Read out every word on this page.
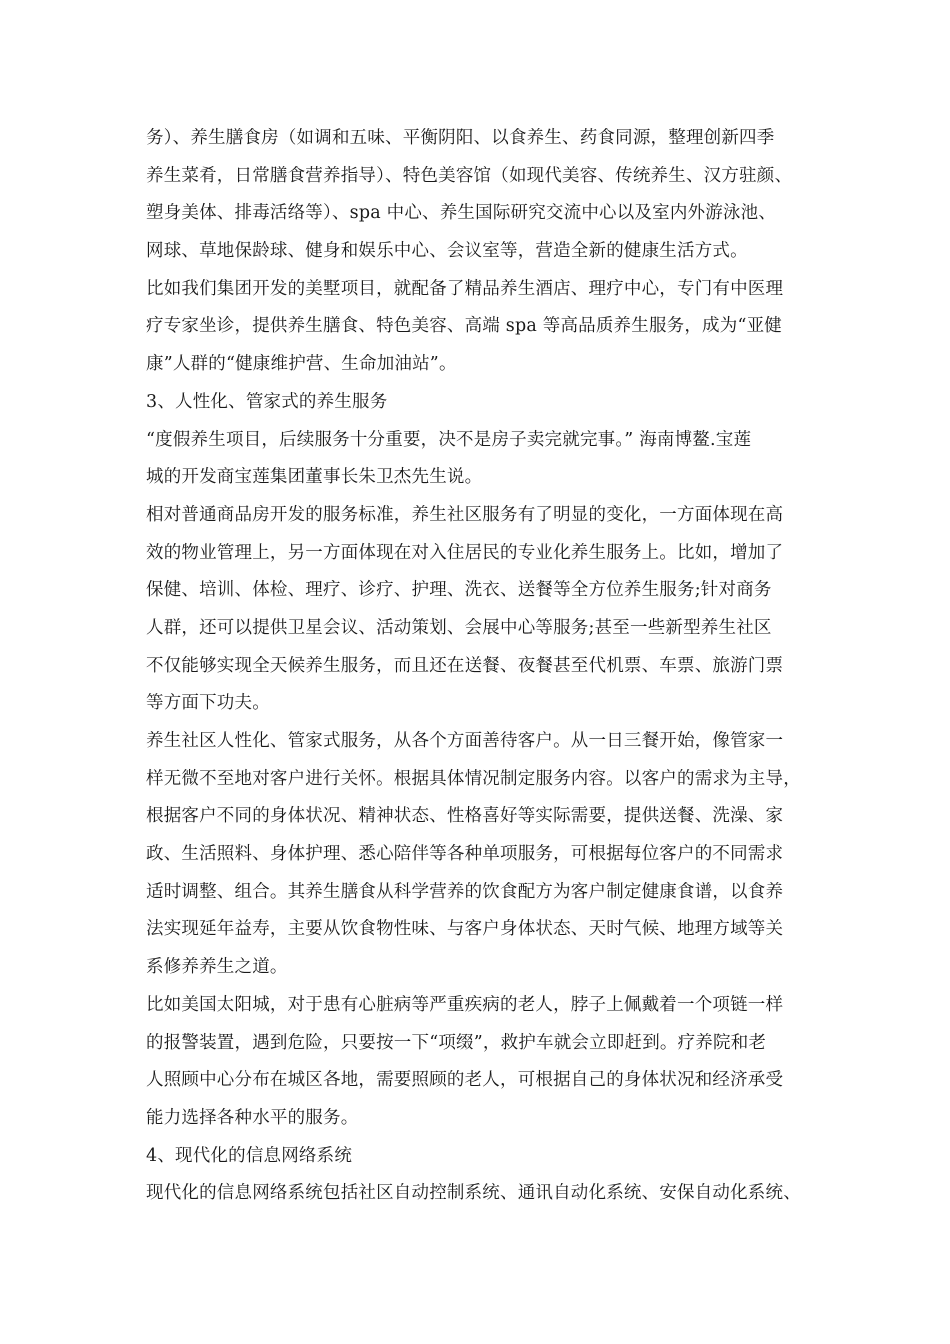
务）、养生膳食房（如调和五味、平衡阴阳、以食养生、药食同源，整理创新四季
养生菜肴，日常膳食营养指导）、特色美容馆（如现代美容、传统养生、汉方驻颜、
塑身美体、排毒活络等）、spa 中心、养生国际研究交流中心以及室内外游泳池、
网球、草地保龄球、健身和娱乐中心、会议室等，营造全新的健康生活方式。
比如我们集团开发的美墅项目，就配备了精品养生酒店、理疗中心，专门有中医理
疗专家坐诊，提供养生膳食、特色美容、高端 spa 等高品质养生服务，成为“亚健
康”人群的“健康维护营、生命加油站”。
3、人性化、管家式的养生服务
“度假养生项目，后续服务十分重要，决不是房子卖完就完事。” 海南博鳌.宝莲
城的开发商宝莲集团董事长朱卫杰先生说。
相对普通商品房开发的服务标准，养生社区服务有了明显的变化，一方面体现在高
效的物业管理上，另一方面体现在对入住居民的专业化养生服务上。比如，增加了
保健、培训、体检、理疗、诊疗、护理、洗衣、送餐等全方位养生服务;针对商务
人群，还可以提供卫星会议、活动策划、会展中心等服务;甚至一些新型养生社区
不仅能够实现全天候养生服务，而且还在送餐、夜餐甚至代机票、车票、旅游门票
等方面下功夫。
养生社区人性化、管家式服务，从各个方面善待客户。从一日三餐开始，像管家一
样无微不至地对客户进行关怀。根据具体情况制定服务内容。以客户的需求为主导，
根据客户不同的身体状况、精神状态、性格喜好等实际需要，提供送餐、洗澡、家
政、生活照料、身体护理、悉心陪伴等各种单项服务，可根据每位客户的不同需求
适时调整、组合。其养生膳食从科学营养的饮食配方为客户制定健康食谱，以食养
法实现延年益寿，主要从饮食物性味、与客户身体状态、天时气候、地理方域等关
系修养养生之道。
比如美国太阳城，对于患有心脏病等严重疾病的老人，脖子上佩戴着一个项链一样
的报警装置，遇到危险，只要按一下“项缀”，救护车就会立即赶到。疗养院和老
人照顾中心分布在城区各地，需要照顾的老人，可根据自己的身体状况和经济承受
能力选择各种水平的服务。
4、现代化的信息网络系统
现代化的信息网络系统包括社区自动控制系统、通讯自动化系统、安保自动化系统、
